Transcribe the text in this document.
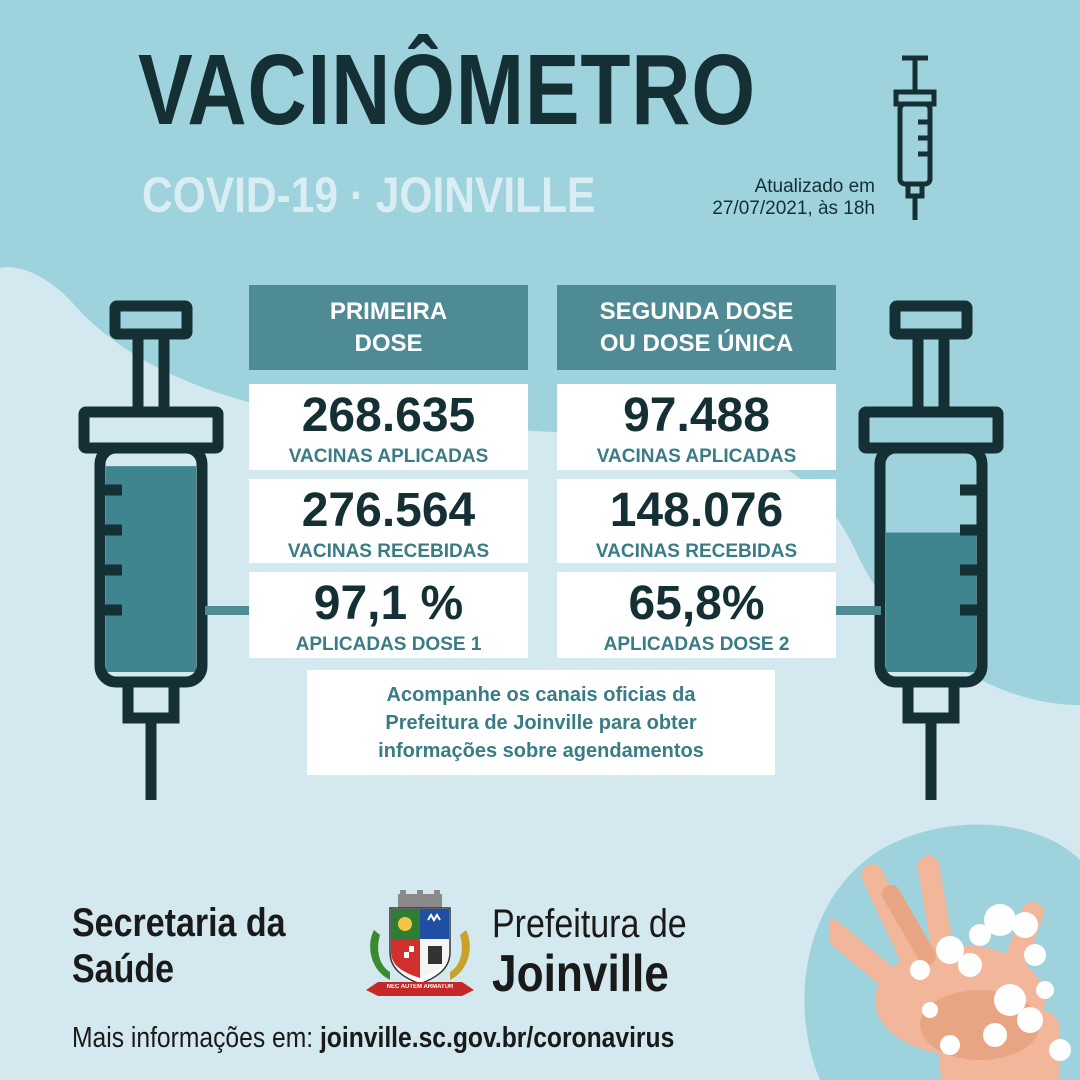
VACINÔMETRO
COVID-19 · JOINVILLE	Atualizado em
27/07/2021, às 18h
PRIMEIRA
DOSE
268.635
VACINAS APLICADAS
276.564
VACINAS RECEBIDAS
97,1 %
APLICADAS DOSE 1
SEGUNDA DOSE
OU DOSE ÚNICA
97.488
VACINAS APLICADAS
148.076
VACINAS RECEBIDAS
65,8%
APLICADAS DOSE 2
Acompanhe os canais oficias da
Prefeitura de Joinville para obter
informações sobre agendamentos
Secretaria da
Saúde	NEC AUTEM ARMATUR
Prefeitura de
Joinville
Mais informações em: joinville.sc.gov.br/coronavirus
